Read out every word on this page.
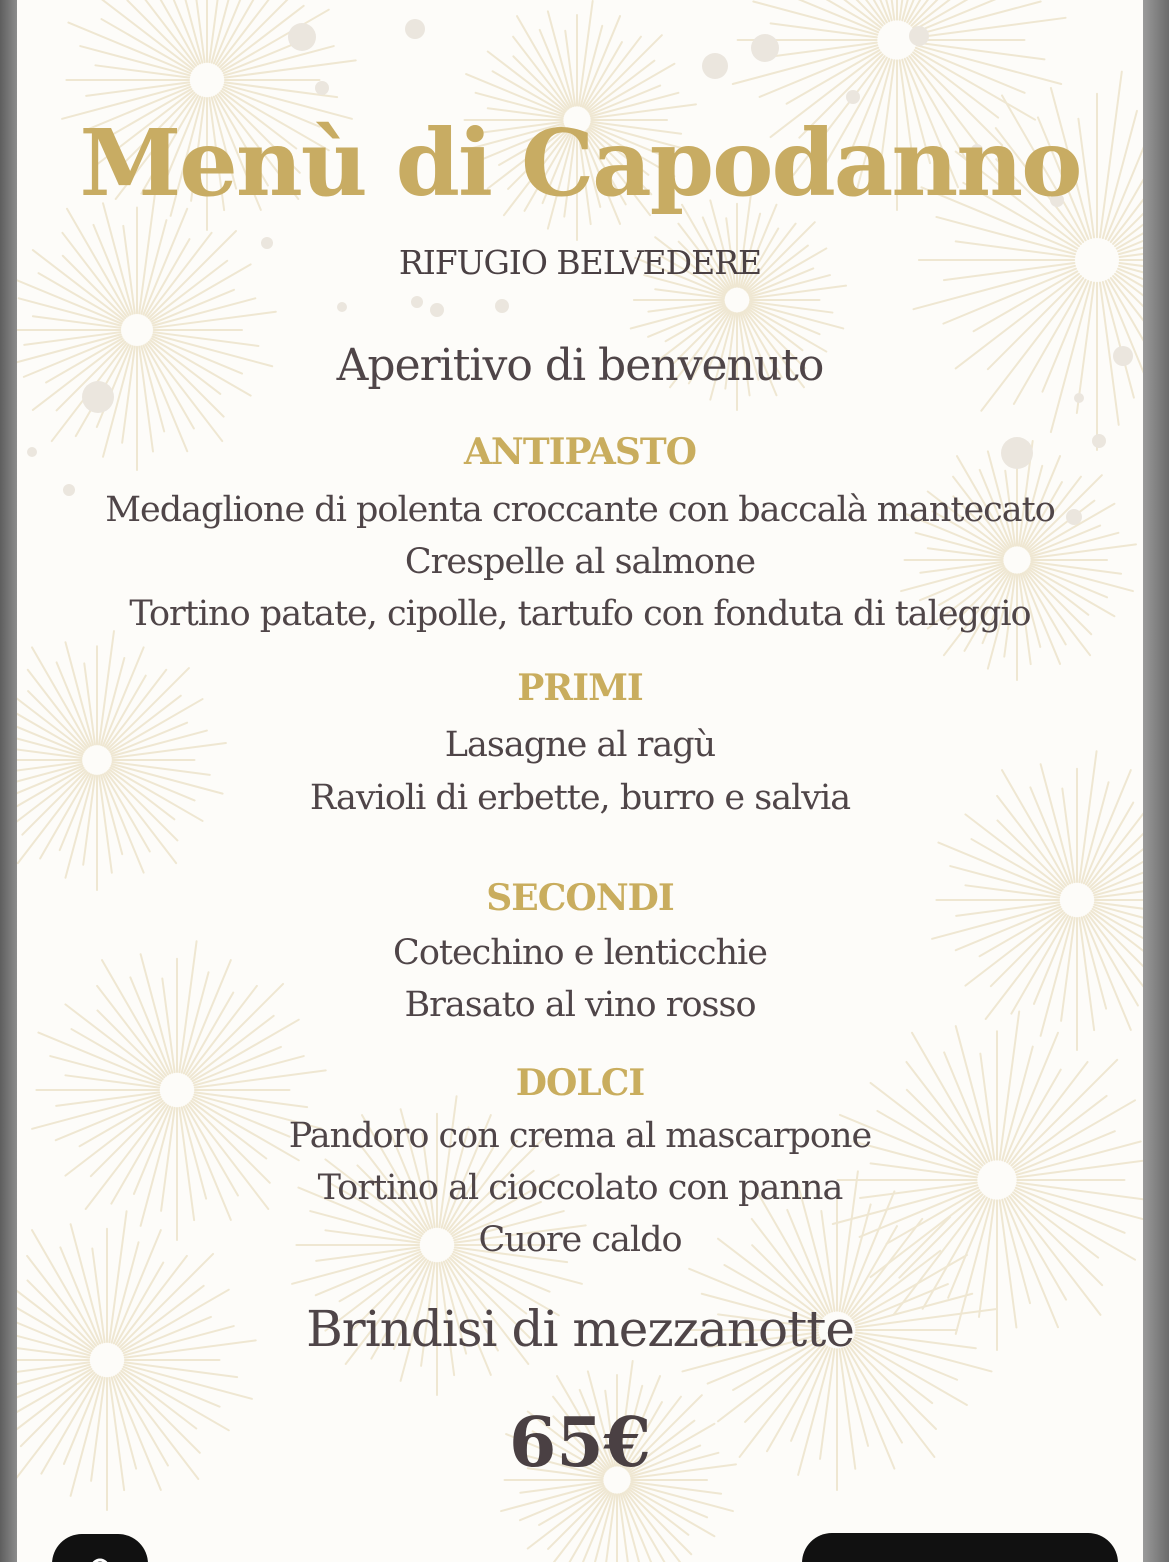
Menù di Capodanno
RIFUGIO BELVEDERE
Aperitivo di benvenuto
ANTIPASTO
Medaglione di polenta croccante con baccalà mantecato
Crespelle al salmone
Tortino patate, cipolle, tartufo con fonduta di taleggio
PRIMI
Lasagne al ragù
Ravioli di erbette, burro e salvia
SECONDI
Cotechino e lenticchie
Brasato al vino rosso
DOLCI
Pandoro con crema al mascarpone
Tortino al cioccolato con panna
Cuore caldo
Brindisi di mezzanotte
65€
